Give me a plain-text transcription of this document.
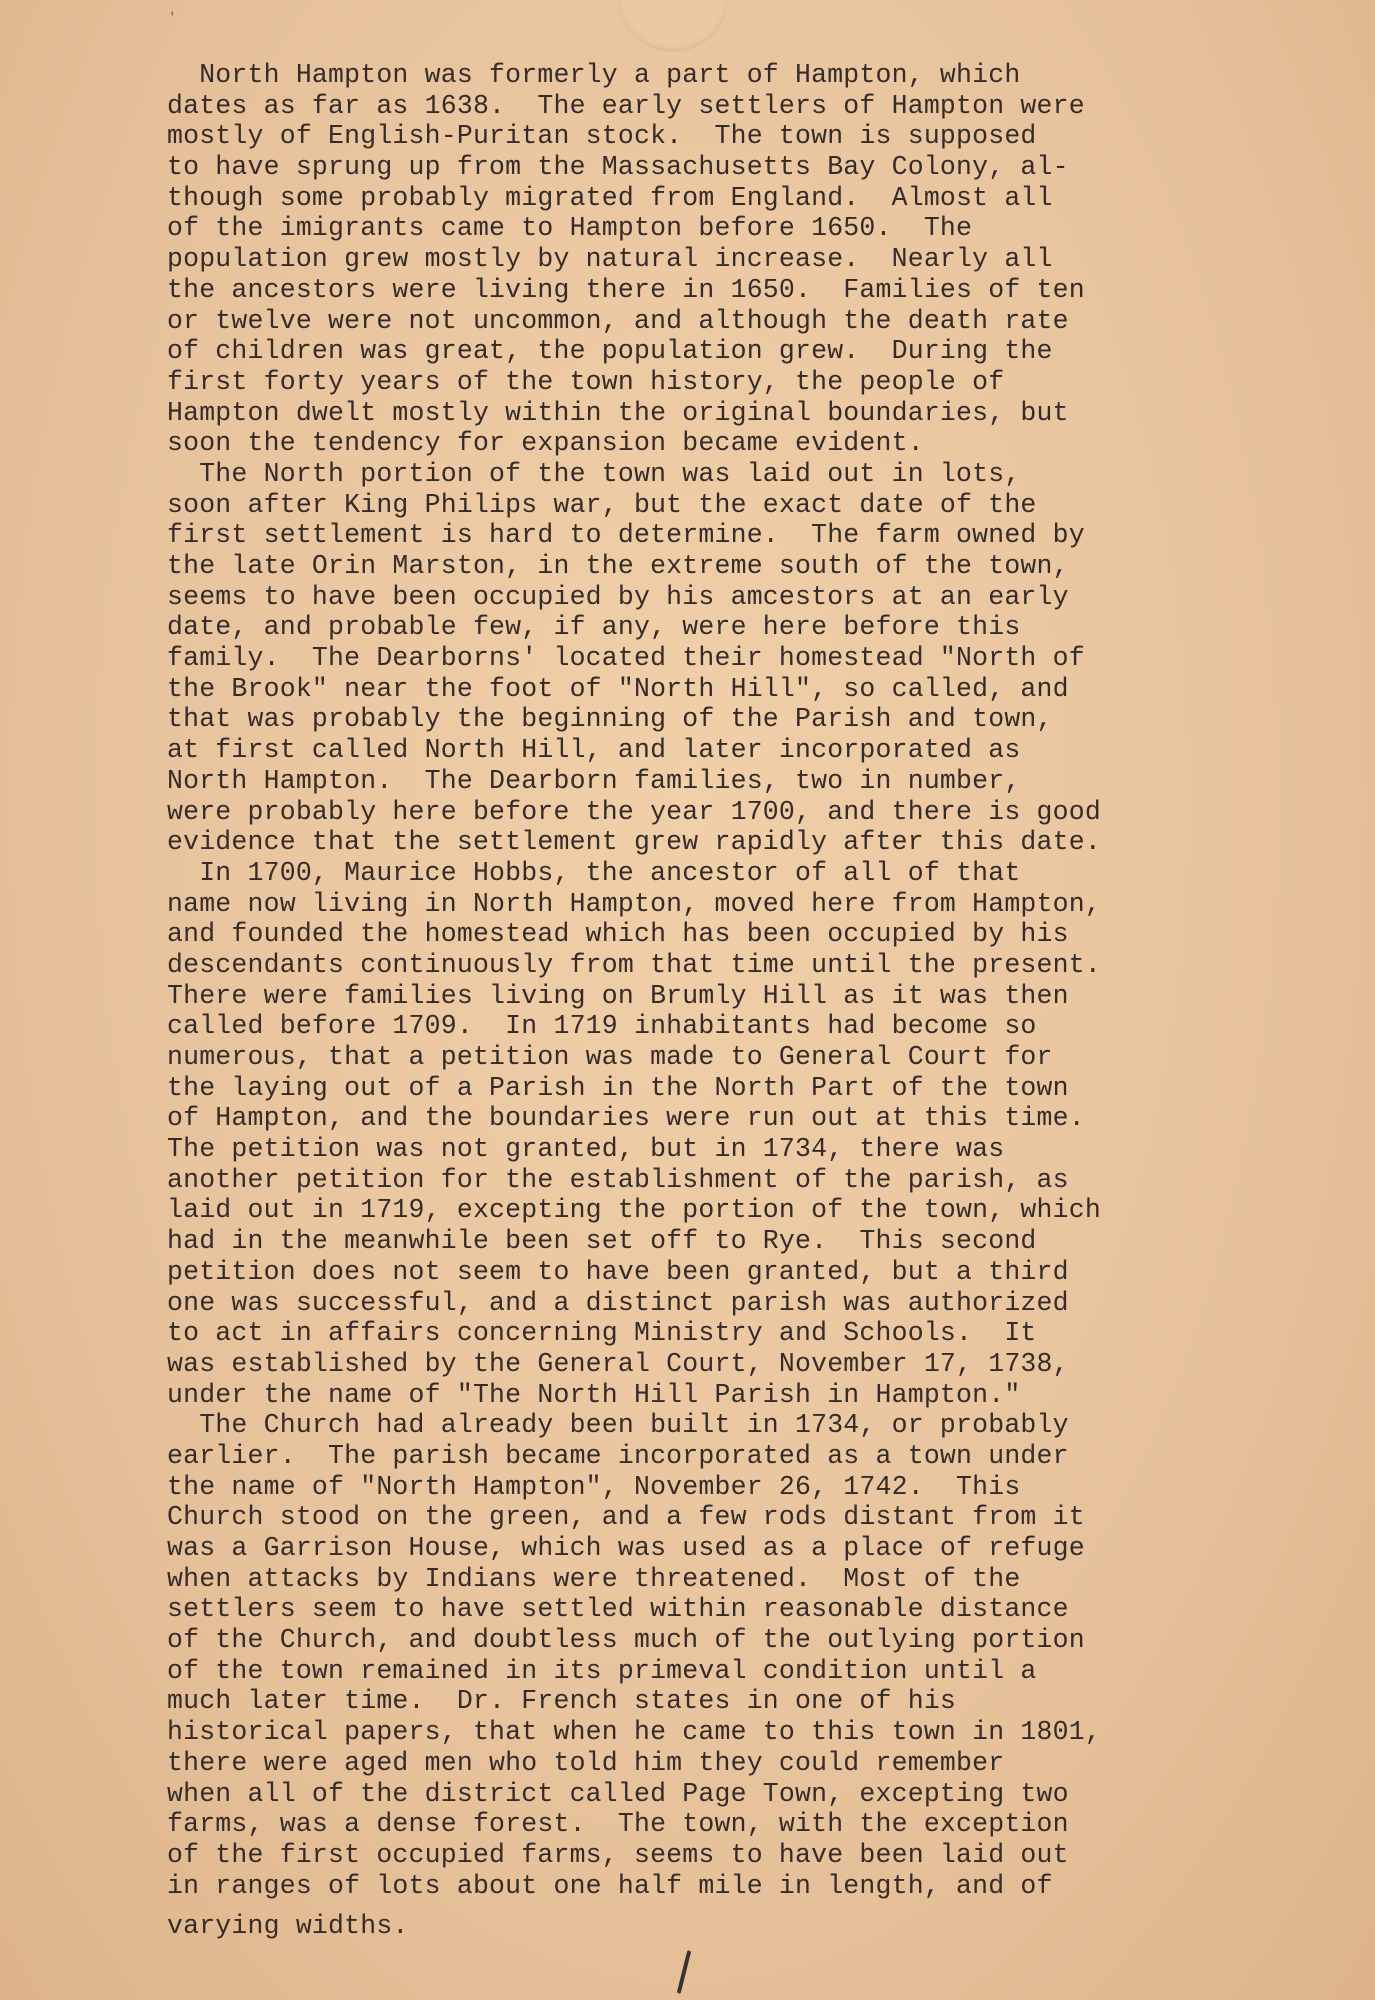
'
North Hampton was formerly a part of Hampton, which
dates as far as 1638.  The early settlers of Hampton were
mostly of English-Puritan stock.  The town is supposed
to have sprung up from the Massachusetts Bay Colony, al-
though some probably migrated from England.  Almost all
of the imigrants came to Hampton before 1650.  The
population grew mostly by natural increase.  Nearly all
the ancestors were living there in 1650.  Families of ten
or twelve were not uncommon, and although the death rate
of children was great, the population grew.  During the
first forty years of the town history, the people of
Hampton dwelt mostly within the original boundaries, but
soon the tendency for expansion became evident.
The North portion of the town was laid out in lots,
soon after King Philips war, but the exact date of the
first settlement is hard to determine.  The farm owned by
the late Orin Marston, in the extreme south of the town,
seems to have been occupied by his amcestors at an early
date, and probable few, if any, were here before this
family.  The Dearborns' located their homestead "North of
the Brook" near the foot of "North Hill", so called, and
that was probably the beginning of the Parish and town,
at first called North Hill, and later incorporated as
North Hampton.  The Dearborn families, two in number,
were probably here before the year 1700, and there is good
evidence that the settlement grew rapidly after this date.
In 1700, Maurice Hobbs, the ancestor of all of that
name now living in North Hampton, moved here from Hampton,
and founded the homestead which has been occupied by his
descendants continuously from that time until the present.
There were families living on Brumly Hill as it was then
called before 1709.  In 1719 inhabitants had become so
numerous, that a petition was made to General Court for
the laying out of a Parish in the North Part of the town
of Hampton, and the boundaries were run out at this time.
The petition was not granted, but in 1734, there was
another petition for the establishment of the parish, as
laid out in 1719, excepting the portion of the town, which
had in the meanwhile been set off to Rye.  This second
petition does not seem to have been granted, but a third
one was successful, and a distinct parish was authorized
to act in affairs concerning Ministry and Schools.  It
was established by the General Court, November 17, 1738,
under the name of "The North Hill Parish in Hampton."
The Church had already been built in 1734, or probably
earlier.  The parish became incorporated as a town under
the name of "North Hampton", November 26, 1742.  This
Church stood on the green, and a few rods distant from it
was a Garrison House, which was used as a place of refuge
when attacks by Indians were threatened.  Most of the
settlers seem to have settled within reasonable distance
of the Church, and doubtless much of the outlying portion
of the town remained in its primeval condition until a
much later time.  Dr. French states in one of his
historical papers, that when he came to this town in 1801,
there were aged men who told him they could remember
when all of the district called Page Town, excepting two
farms, was a dense forest.  The town, with the exception
of the first occupied farms, seems to have been laid out
in ranges of lots about one half mile in length, and of
varying widths.
